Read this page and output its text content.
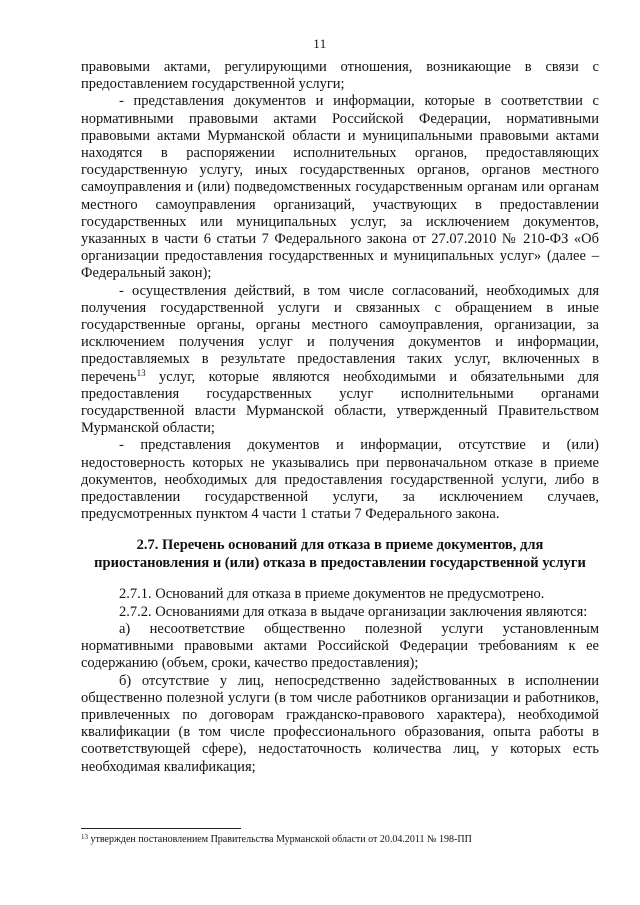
11

правовыми актами, регулирующими отношения, возникающие в связи с предоставлением государственной услуги;

- представления документов и информации, которые в соответствии с нормативными правовыми актами Российской Федерации, нормативными правовыми актами Мурманской области и муниципальными правовыми актами находятся в распоряжении исполнительных органов, предоставляющих государственную услугу, иных государственных органов, органов местного самоуправления и (или) подведомственных государственным органам или органам местного самоуправления организаций, участвующих в предоставлении государственных или муниципальных услуг, за исключением документов, указанных в части 6 статьи 7 Федерального закона от 27.07.2010 № 210-ФЗ «Об организации предоставления государственных и муниципальных услуг» (далее – Федеральный закон);

- осуществления действий, в том числе согласований, необходимых для получения государственной услуги и связанных с обращением в иные государственные органы, органы местного самоуправления, организации, за исключением получения услуг и получения документов и информации, предоставляемых в результате предоставления таких услуг, включенных в перечень$^{13}$ услуг, которые являются необходимыми и обязательными для предоставления государственных услуг исполнительными органами государственной власти Мурманской области, утвержденный Правительством Мурманской области;

- представления документов и информации, отсутствие и (или) недостоверность которых не указывались при первоначальном отказе в приеме документов, необходимых для предоставления государственной услуги, либо в предоставлении государственной услуги, за исключением случаев, предусмотренных пунктом 4 части 1 статьи 7 Федерального закона.

2.7. Перечень оснований для отказа в приеме документов, для
приостановления и (или) отказа в предоставлении государственной услуги

2.7.1. Оснований для отказа в приеме документов не предусмотрено.

2.7.2. Основаниями для отказа в выдаче организации заключения являются:

а) несоответствие общественно полезной услуги установленным нормативными правовыми актами Российской Федерации требованиям к ее содержанию (объем, сроки, качество предоставления);

б) отсутствие у лиц, непосредственно задействованных в исполнении общественно полезной услуги (в том числе работников организации и работников, привлеченных по договорам гражданско-правового характера), необходимой квалификации (в том числе профессионального образования, опыта работы в соответствующей сфере), недостаточность количества лиц, у которых есть необходимая квалификация;

$^{13}$ утвержден постановлением Правительства Мурманской области от 20.04.2011 № 198-ПП
